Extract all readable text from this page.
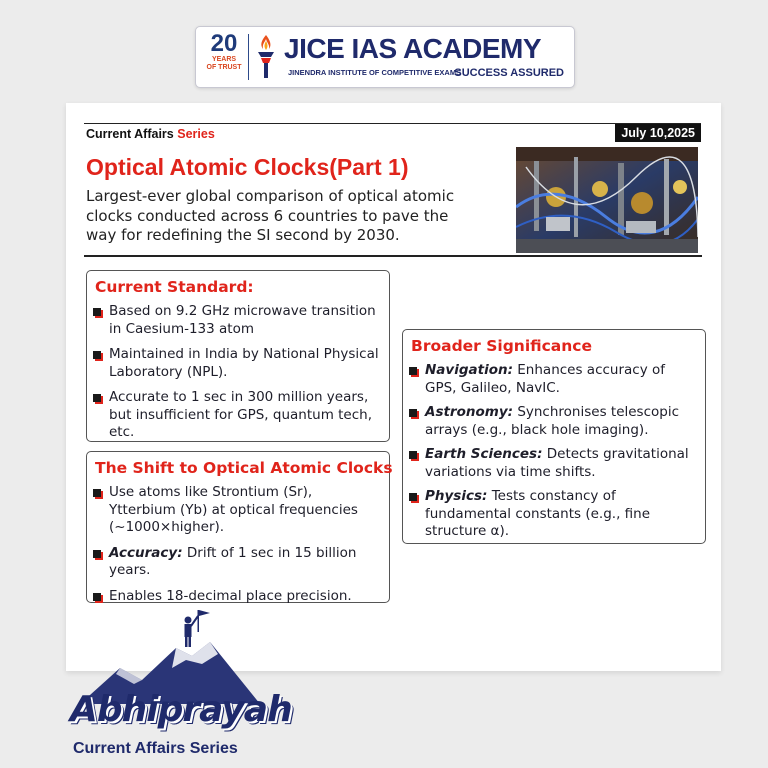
20
YEARS
OF TRUST
JICE IAS ACADEMY
JINENDRA INSTITUTE OF COMPETITIVE EXAMS
SUCCESS ASSURED
Current Affairs Series	July 10,2025
Optical Atomic Clocks(Part 1)
Largest-ever global comparison of optical atomic clocks conducted across 6 countries to pave the way for redefining the SI second by 2030.
Current Standard:
Based on 9.2 GHz microwave transition in Caesium-133 atom
Maintained in India by National Physical Laboratory (NPL).
Accurate to 1 sec in 300 million years, but insufficient for GPS, quantum tech, etc.
The Shift to Optical Atomic Clocks
Use atoms like Strontium (Sr), Ytterbium (Yb) at optical frequencies (~1000×higher).
Accuracy: Drift of 1 sec in 15 billion years.
Enables 18-decimal place precision.
Broader Significance
Navigation: Enhances accuracy of GPS, Galileo, NavIC.
Astronomy: Synchronises telescopic arrays (e.g., black hole imaging).
Earth Sciences: Detects gravitational variations via time shifts.
Physics: Tests constancy of fundamental constants (e.g., fine structure α).
Abhiprayah
Current Affairs Series
